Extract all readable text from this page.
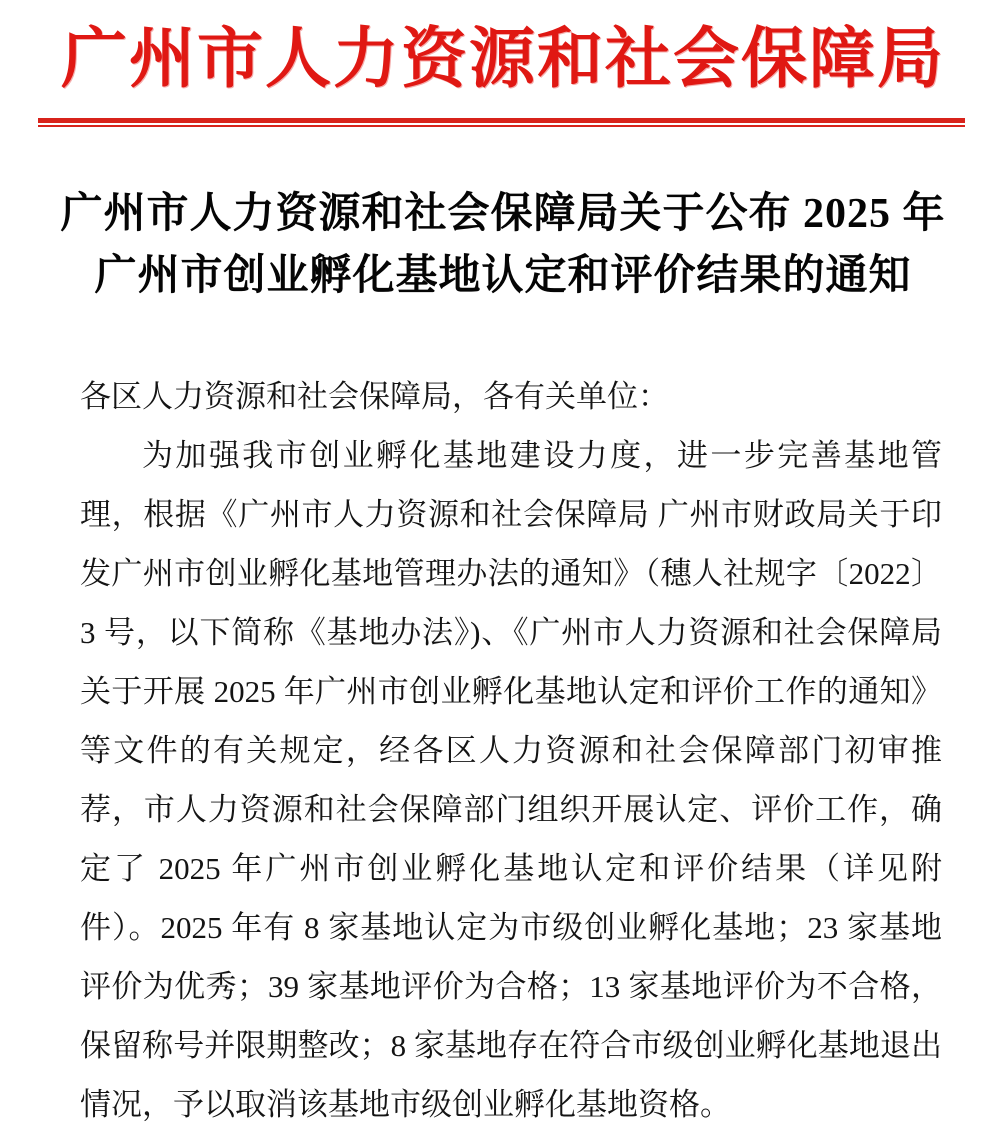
广州市人力资源和社会保障局
广州市人力资源和社会保障局关于公布 2025 年
广州市创业孵化基地认定和评价结果的通知

各区人力资源和社会保障局，各有关单位：

为加强我市创业孵化基地建设力度，进一步完善基地管理，根据《广州市人力资源和社会保障局 广州市财政局关于印发广州市创业孵化基地管理办法的通知》（穗人社规字〔2022〕3 号，以下简称《基地办法》)、《广州市人力资源和社会保障局关于开展 2025 年广州市创业孵化基地认定和评价工作的通知》等文件的有关规定，经各区人力资源和社会保障部门初审推荐，市人力资源和社会保障部门组织开展认定、评价工作，确定了 2025 年广州市创业孵化基地认定和评价结果（详见附件）。2025 年有 8 家基地认定为市级创业孵化基地；23 家基地评价为优秀；39 家基地评价为合格；13 家基地评价为不合格，保留称号并限期整改；8 家基地存在符合市级创业孵化基地退出情况，予以取消该基地市级创业孵化基地资格。
